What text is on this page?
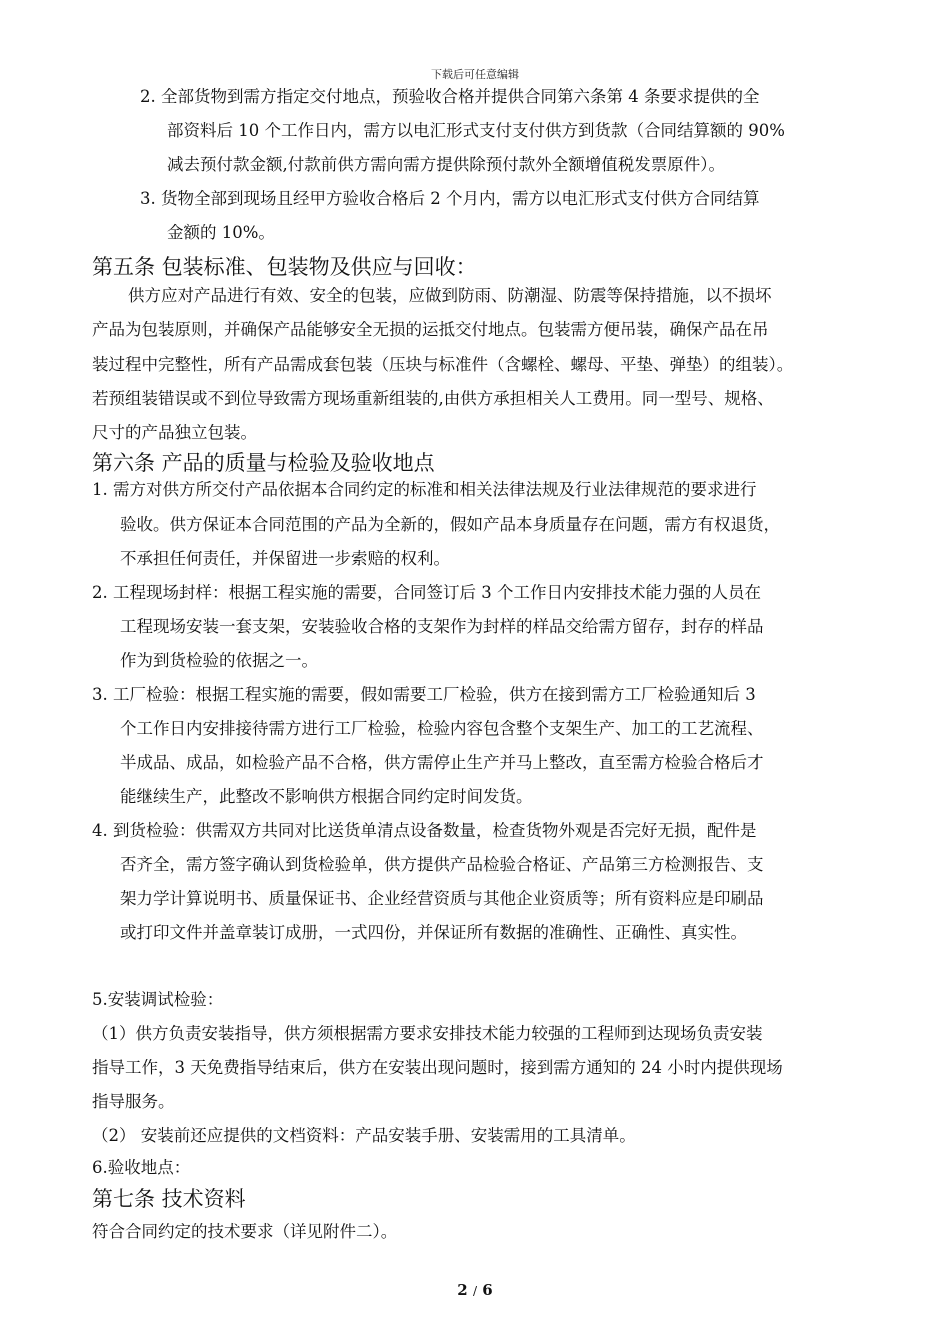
下载后可任意编辑
2. 全部货物到需方指定交付地点，预验收合格并提供合同第六条第 4 条要求提供的全
部资料后 10 个工作日内，需方以电汇形式支付支付供方到货款（合同结算额的 90%
减去预付款金额,付款前供方需向需方提供除预付款外全额增值税发票原件）。
3. 货物全部到现场且经甲方验收合格后 2 个月内，需方以电汇形式支付供方合同结算
金额的 10%。
第五条 包装标准、包装物及供应与回收：
供方应对产品进行有效、安全的包装，应做到防雨、防潮湿、防震等保持措施，以不损坏
产品为包装原则，并确保产品能够安全无损的运抵交付地点。包装需方便吊装，确保产品在吊
装过程中完整性，所有产品需成套包装（压块与标准件（含螺栓、螺母、平垫、弹垫）的组装）。
若预组装错误或不到位导致需方现场重新组装的,由供方承担相关人工费用。同一型号、规格、
尺寸的产品独立包装。
第六条 产品的质量与检验及验收地点
1. 需方对供方所交付产品依据本合同约定的标准和相关法律法规及行业法律规范的要求进行
验收。供方保证本合同范围的产品为全新的，假如产品本身质量存在问题，需方有权退货，
不承担任何责任，并保留进一步索赔的权利。
2. 工程现场封样：根据工程实施的需要，合同签订后 3 个工作日内安排技术能力强的人员在
工程现场安装一套支架，安装验收合格的支架作为封样的样品交给需方留存，封存的样品
作为到货检验的依据之一。
3. 工厂检验：根据工程实施的需要，假如需要工厂检验，供方在接到需方工厂检验通知后 3
个工作日内安排接待需方进行工厂检验，检验内容包含整个支架生产、加工的工艺流程、
半成品、成品，如检验产品不合格，供方需停止生产并马上整改，直至需方检验合格后才
能继续生产，此整改不影响供方根据合同约定时间发货。
4. 到货检验：供需双方共同对比送货单清点设备数量，检查货物外观是否完好无损，配件是
否齐全，需方签字确认到货检验单，供方提供产品检验合格证、产品第三方检测报告、支
架力学计算说明书、质量保证书、企业经营资质与其他企业资质等；所有资料应是印刷品
或打印文件并盖章装订成册，一式四份，并保证所有数据的准确性、正确性、真实性。
5.安装调试检验：
（1）供方负责安装指导，供方须根据需方要求安排技术能力较强的工程师到达现场负责安装
指导工作，3 天免费指导结束后，供方在安装出现问题时，接到需方通知的 24 小时内提供现场
指导服务。
（2） 安装前还应提供的文档资料：产品安装手册、安装需用的工具清单。
6.验收地点：
第七条 技术资料
符合合同约定的技术要求（详见附件二）。
2 / 6
